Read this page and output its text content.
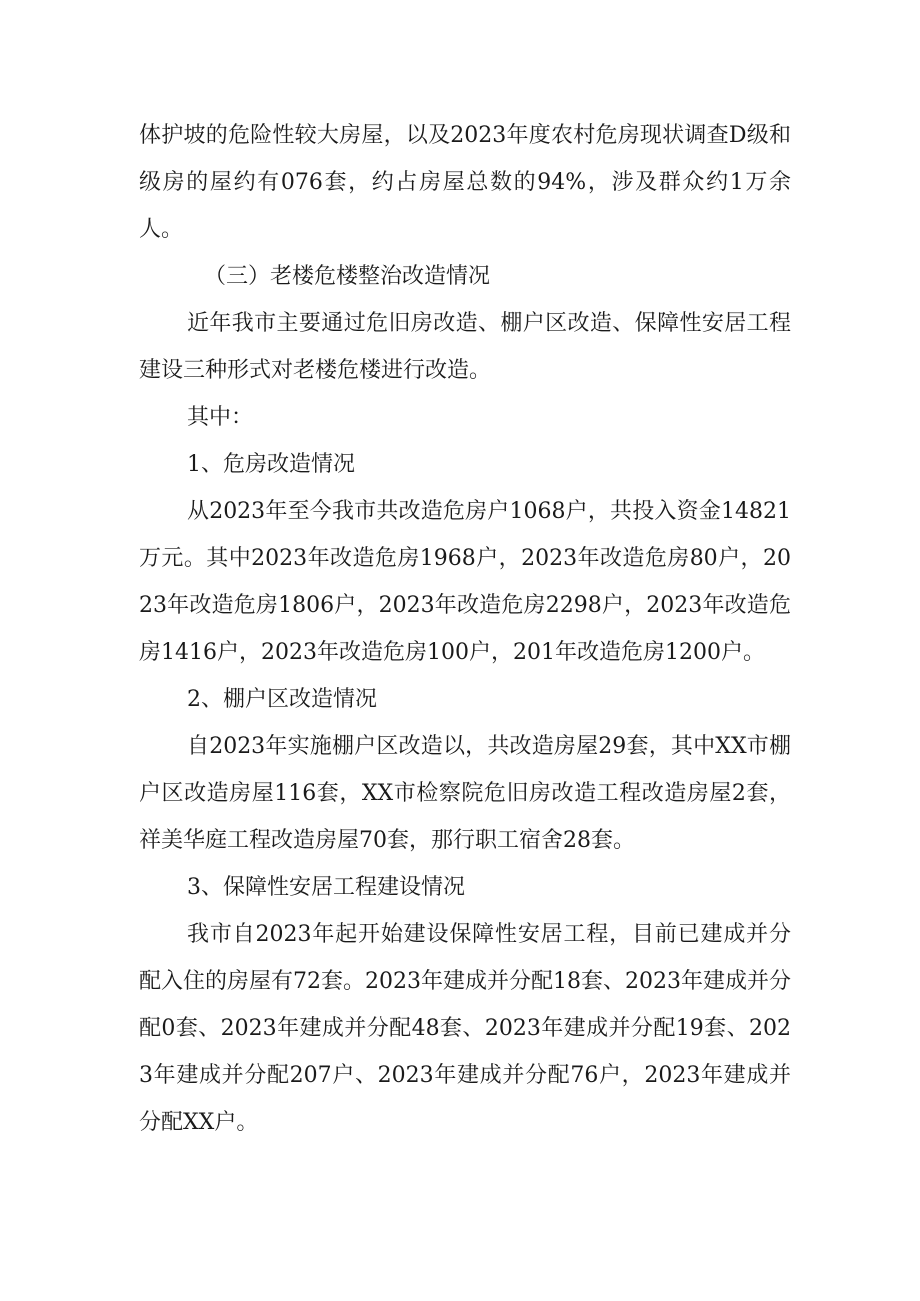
体护坡的危险性较大房屋，以及2023年度农村危房现状调查D级和级房的屋约有076套，约占房屋总数的94%，涉及群众约1万余人。

（三）老楼危楼整治改造情况

近年我市主要通过危旧房改造、棚户区改造、保障性安居工程建设三种形式对老楼危楼进行改造。

其中：

1、危房改造情况

从2023年至今我市共改造危房户1068户，共投入资金14821万元。其中2023年改造危房1968户，2023年改造危房80户，2023年改造危房1806户，2023年改造危房2298户，2023年改造危房1416户，2023年改造危房100户，201年改造危房1200户。

2、棚户区改造情况

自2023年实施棚户区改造以，共改造房屋29套，其中XX市棚户区改造房屋116套，XX市检察院危旧房改造工程改造房屋2套，祥美华庭工程改造房屋70套，那行职工宿舍28套。

3、保障性安居工程建设情况

我市自2023年起开始建设保障性安居工程，目前已建成并分配入住的房屋有72套。2023年建成并分配18套、2023年建成并分配0套、2023年建成并分配48套、2023年建成并分配19套、2023年建成并分配207户、2023年建成并分配76户，2023年建成并分配XX户。
